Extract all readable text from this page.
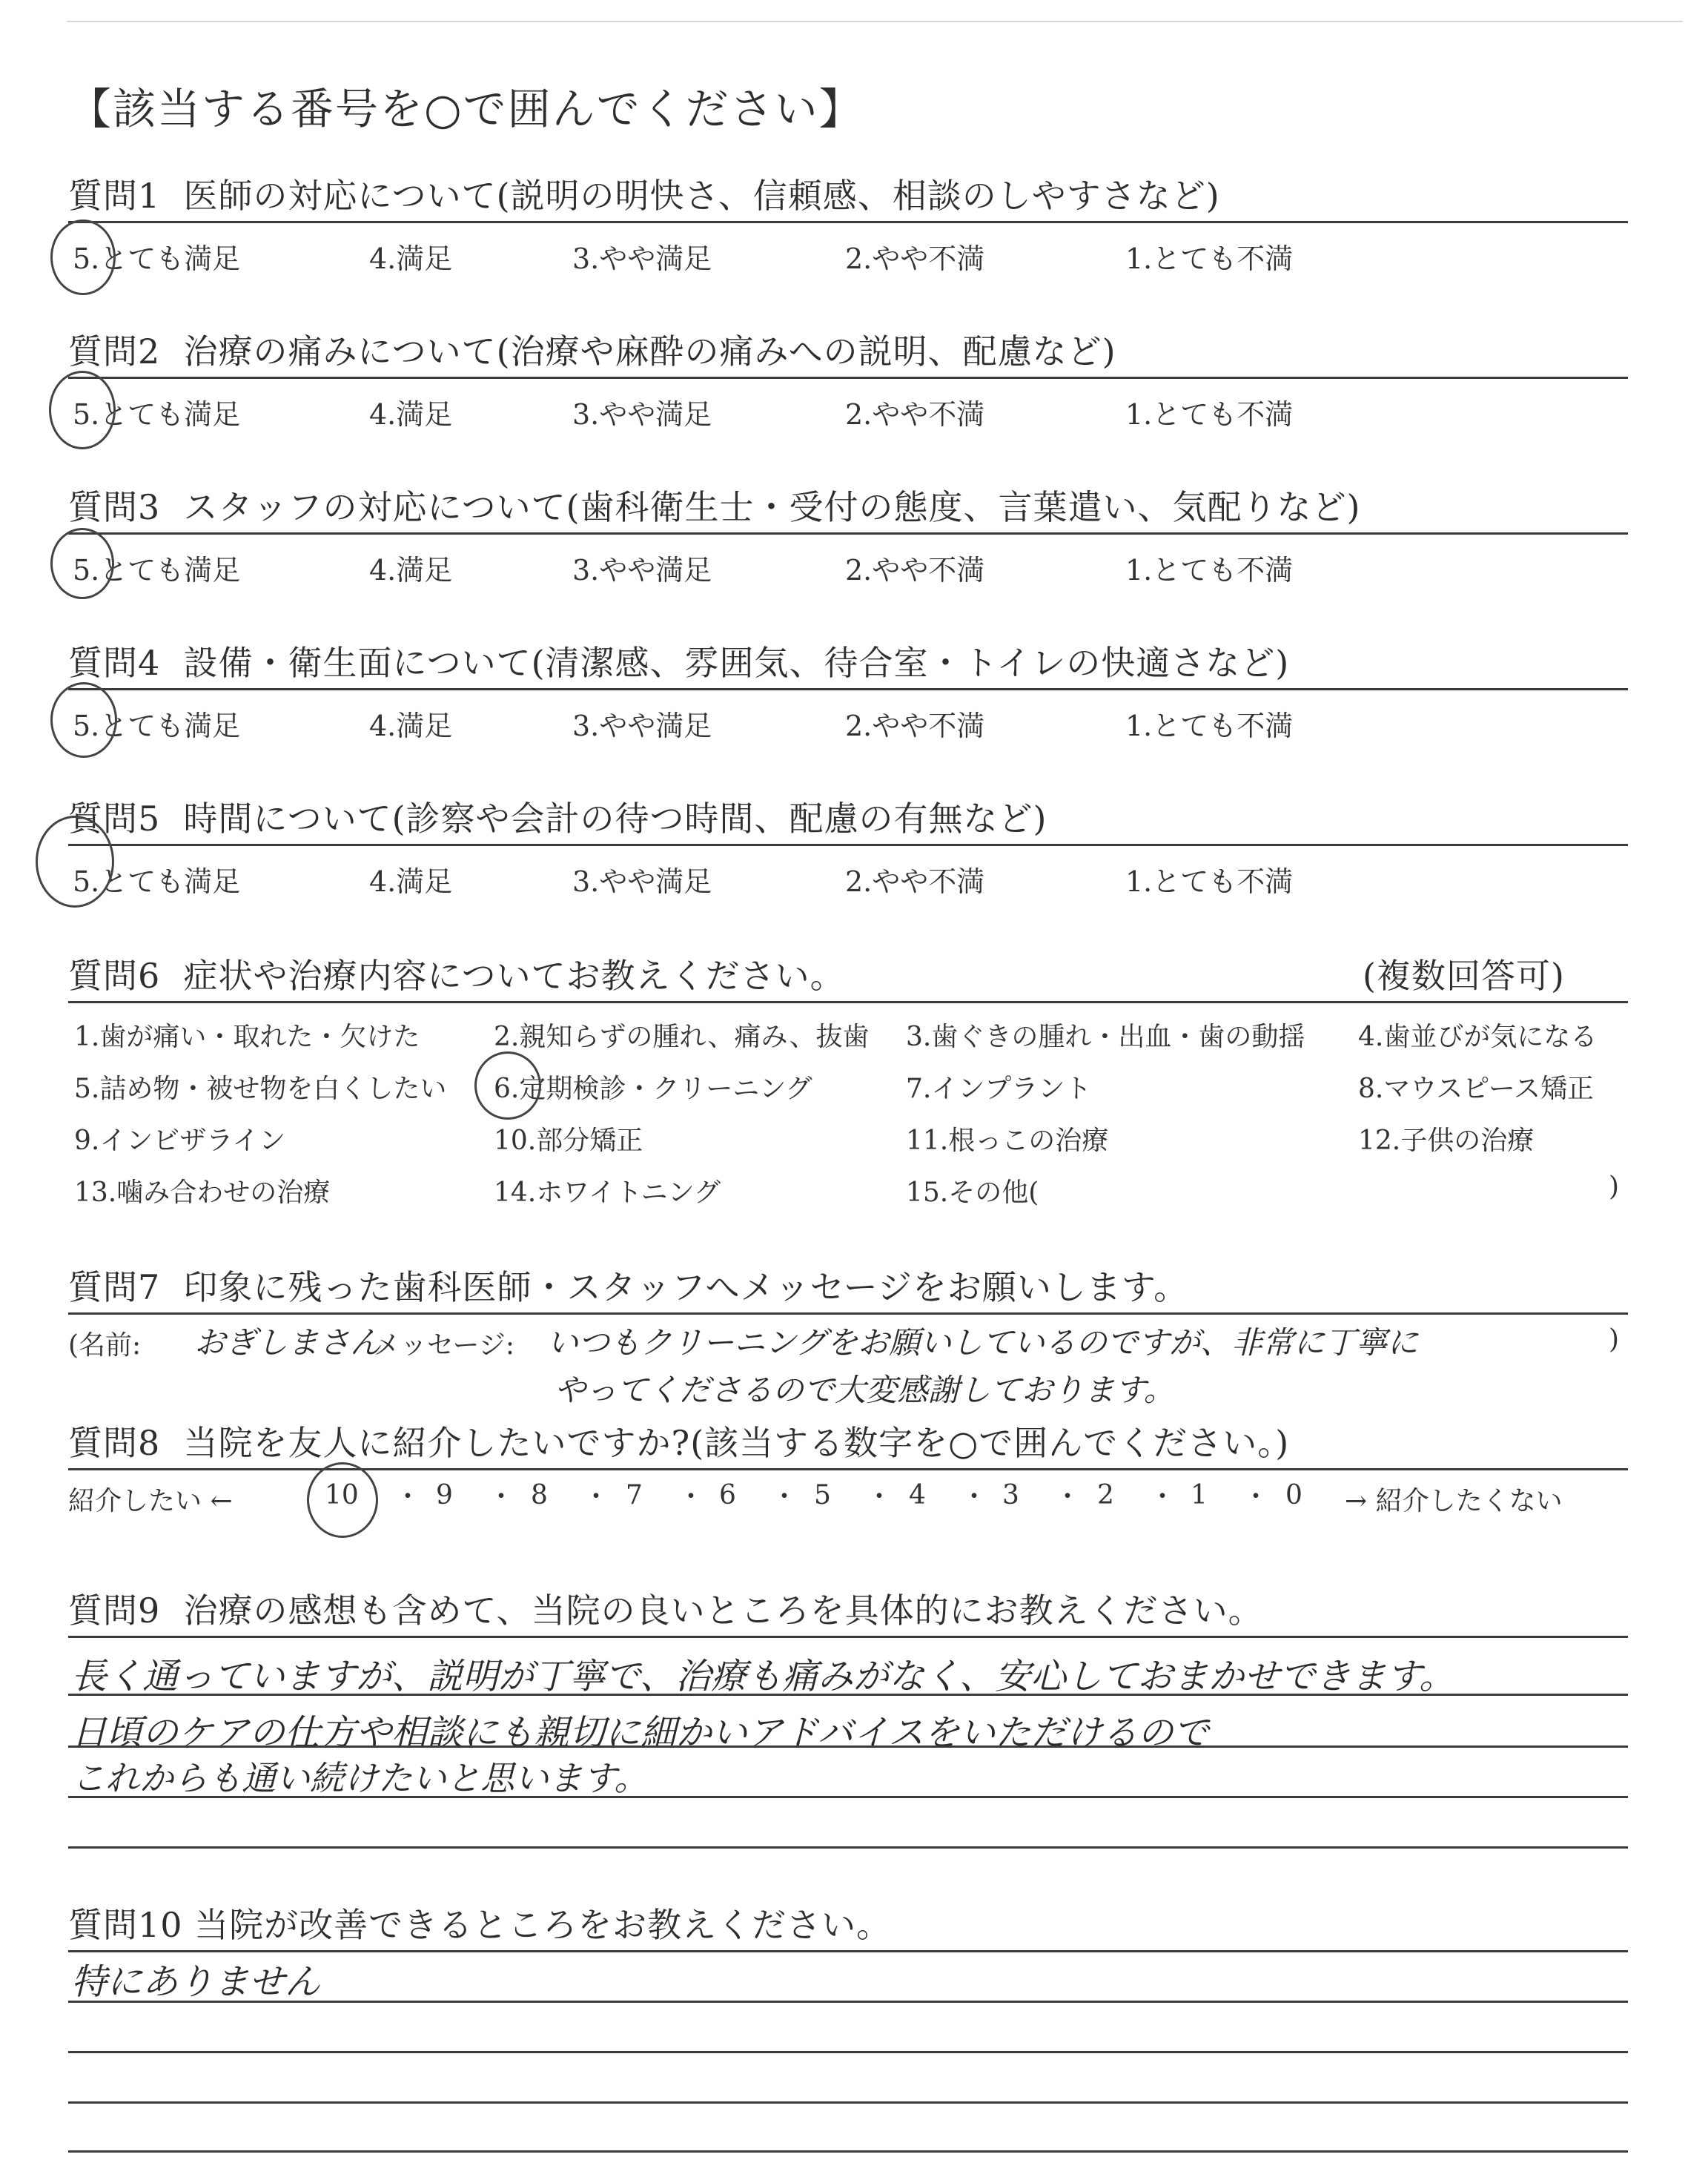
【該当する番号を○で囲んでください】
質問1 医師の対応について(説明の明快さ、信頼感、相談のしやすさなど)
5.とても満足	4.満足	3.やや満足	2.やや不満	1.とても不満
質問2 治療の痛みについて(治療や麻酔の痛みへの説明、配慮など)
5.とても満足	4.満足	3.やや満足	2.やや不満	1.とても不満
質問3 スタッフの対応について(歯科衛生士・受付の態度、言葉遣い、気配りなど)
5.とても満足	4.満足	3.やや満足	2.やや不満	1.とても不満
質問4 設備・衛生面について(清潔感、雰囲気、待合室・トイレの快適さなど)
5.とても満足	4.満足	3.やや満足	2.やや不満	1.とても不満
質問5 時間について(診察や会計の待つ時間、配慮の有無など)
5.とても満足	4.満足	3.やや満足	2.やや不満	1.とても不満
質問6 症状や治療内容についてお教えください。	(複数回答可)
1.歯が痛い・取れた・欠けた	2.親知らずの腫れ、痛み、抜歯 3.歯ぐきの腫れ・出血・歯の動揺 4.歯並びが気になる
5.詰め物・被せ物を白くしたい 6.定期検診・クリーニング	7.インプラント	8.マウスピース矯正
9.インビザライン	10.部分矯正	11.根っこの治療	12.子供の治療
13.噛み合わせの治療	14.ホワイトニング	15.その他(	)
質問7 印象に残った歯科医師・スタッフへメッセージをお願いします。
(名前: おぎしまさん
メッセージ: いつもクリーニングをお願いしているのですが、非常に丁寧に	)
やってくださるので大変感謝しております。
質問8 当院を友人に紹介したいですか?(該当する数字を○で囲んでください。)
紹介したい ←	→ 紹介したくない
10 ・ 9 ・ 8 ・ 7 ・ 6 ・ 5 ・ 4 ・ 3 ・ 2 ・ 1 ・ 0
質問9 治療の感想も含めて、当院の良いところを具体的にお教えください。
長く通っていますが、説明が丁寧で、治療も痛みがなく、安心しておまかせできます。
日頃のケアの仕方や相談にも親切に細かいアドバイスをいただけるので
これからも通い続けたいと思います。
質問10 当院が改善できるところをお教えください。
特にありません
